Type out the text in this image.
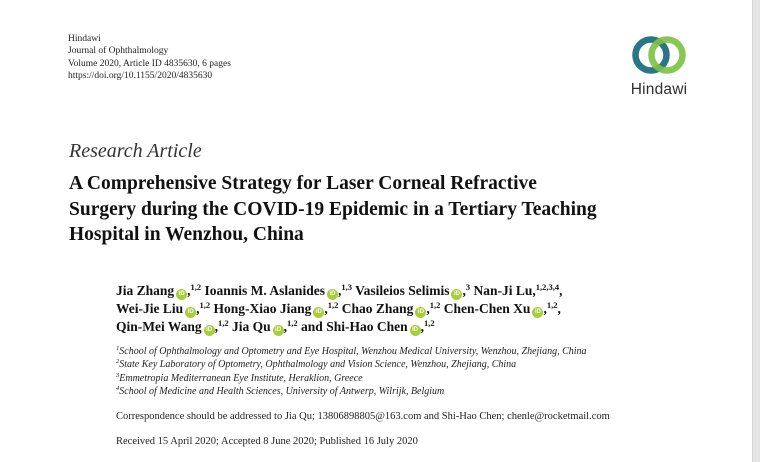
Hindawi
Journal of Ophthalmology
Volume 2020, Article ID 4835630, 6 pages
https://doi.org/10.1155/2020/4835630
Hindawi
Research Article
A Comprehensive Strategy for Laser Corneal Refractive
Surgery during the COVID-19 Epidemic in a Tertiary Teaching
Hospital in Wenzhou, China
Jia Zhang iD ,$^{1,2}$ Ioannis M. Aslanides iD ,$^{1,3}$ Vasileios Selimis iD ,$^3$ Nan-Ji Lu,$^{1,2,3,4}$,
Wei-Jie Liu iD ,$^{1,2}$ Hong-Xiao Jiang iD ,$^{1,2}$ Chao Zhang iD ,$^{1,2}$ Chen-Chen Xu iD ,$^{1,2}$,
Qin-Mei Wang iD ,$^{1,2}$ Jia Qu iD ,$^{1,2}$ and Shi-Hao Chen iD ,$^{1,2}$
$^1$School of Ophthalmology and Optometry and Eye Hospital, Wenzhou Medical University, Wenzhou, Zhejiang, China
$^2$State Key Laboratory of Optometry, Ophthalmology and Vision Science, Wenzhou, Zhejiang, China
$^3$Emmetropia Mediterranean Eye Institute, Heraklion, Greece
$^4$School of Medicine and Health Sciences, University of Antwerp, Wilrijk, Belgium
Correspondence should be addressed to Jia Qu; 13806898805@163.com and Shi-Hao Chen; chenle@rocketmail.com
Received 15 April 2020; Accepted 8 June 2020; Published 16 July 2020
